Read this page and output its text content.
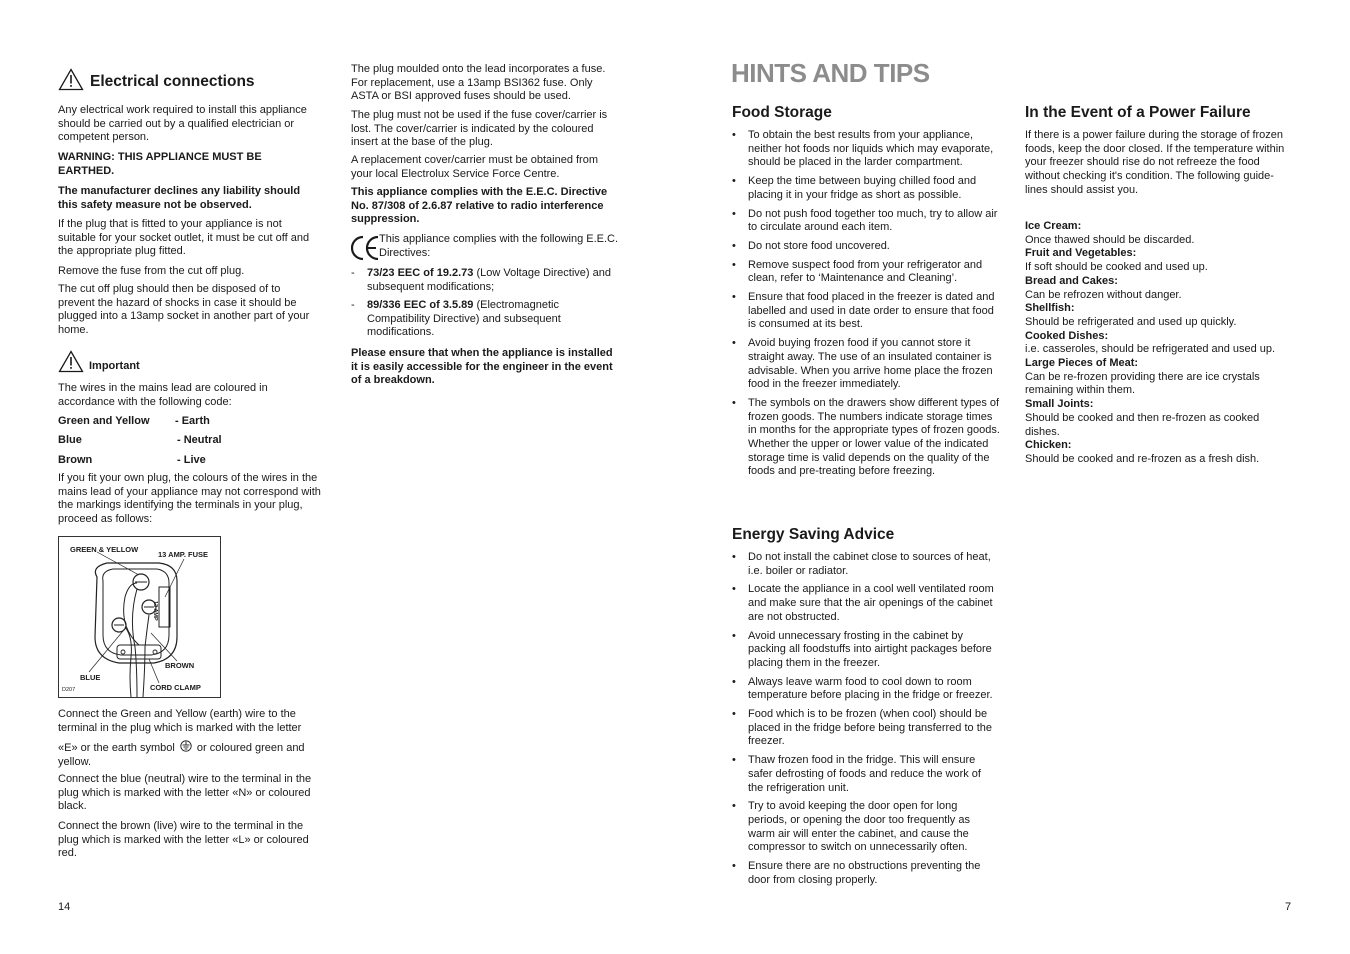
Electrical connections

Any electrical work required to install this appliance should be carried out by a qualified electrician or competent person.

WARNING: THIS APPLIANCE MUST BE EARTHED.

The manufacturer declines any liability should this safety measure not be observed.

If the plug that is fitted to your appliance is not suitable for your socket outlet, it must be cut off and the appropriate plug fitted.

Remove the fuse from the cut off plug.

The cut off plug should then be disposed of to prevent the hazard of shocks in case it should be plugged into a 13amp socket in another part of your home.

Important

The wires in the mains lead are coloured in accordance with the following code:

Green and Yellow	- Earth
Blue	- Neutral
Brown	- Live

If you fit your own plug, the colours of the wires in the mains lead of your appliance may not correspond with the markings identifying the terminals in your plug, proceed as follows:

GREEN & YELLOW
13 AMP. FUSE
13 AMP
BROWN
BLUE
CORD CLAMP
D207

Connect the Green and Yellow (earth) wire to the terminal in the plug which is marked with the letter

«E» or the earth symbol or coloured green and yellow.

Connect the blue (neutral) wire to the terminal in the plug which is marked with the letter «N» or coloured black.

Connect the brown (live) wire to the terminal in the plug which is marked with the letter «L» or coloured red.

14

The plug moulded onto the lead incorporates a fuse. For replacement, use a 13amp BSI362 fuse. Only ASTA or BSI approved fuses should be used.

The plug must not be used if the fuse cover/carrier is lost. The cover/carrier is indicated by the coloured insert at the base of the plug.

A replacement cover/carrier must be obtained from your local Electrolux Service Force Centre.

This appliance complies with the E.E.C. Directive No. 87/308 of 2.6.87 relative to radio interference suppression.

This appliance complies with the following E.E.C. Directives:

- 73/23 EEC of 19.2.73 (Low Voltage Directive) and subsequent modifications;
- 89/336 EEC of 3.5.89 (Electromagnetic Compatibility Directive) and subsequent modifications.

Please ensure that when the appliance is installed it is easily accessible for the engineer in the event of a breakdown.

HINTS AND TIPS
Food Storage
• To obtain the best results from your appliance, neither hot foods nor liquids which may evaporate, should be placed in the larder compartment.
• Keep the time between buying chilled food and placing it in your fridge as short as possible.
• Do not push food together too much, try to allow air to circulate around each item.
• Do not store food uncovered.
• Remove suspect food from your refrigerator and clean, refer to ‘Maintenance and Cleaning’.
• Ensure that food placed in the freezer is dated and labelled and used in date order to ensure that food is consumed at its best.
• Avoid buying frozen food if you cannot store it straight away. The use of an insulated container is advisable. When you arrive home place the frozen food in the freezer immediately.
• The symbols on the drawers show different types of frozen goods. The numbers indicate storage times in months for the appropriate types of frozen goods. Whether the upper or lower value of the indicated storage time is valid depends on the quality of the foods and pre-treating before freezing.
Energy Saving Advice
• Do not install the cabinet close to sources of heat, i.e. boiler or radiator.
• Locate the appliance in a cool well ventilated room and make sure that the air openings of the cabinet are not obstructed.
• Avoid unnecessary frosting in the cabinet by packing all foodstuffs into airtight packages before placing them in the freezer.
• Always leave warm food to cool down to room temperature before placing in the fridge or freezer.
• Food which is to be frozen (when cool) should be placed in the fridge before being transferred to the freezer.
• Thaw frozen food in the fridge. This will ensure safer defrosting of foods and reduce the work of the refrigeration unit.
• Try to avoid keeping the door open for long periods, or opening the door too frequently as warm air will enter the cabinet, and cause the compressor to switch on unnecessarily often.
• Ensure there are no obstructions preventing the door from closing properly.
In the Event of a Power Failure

If there is a power failure during the storage of frozen foods, keep the door closed. If the temperature within your freezer should rise do not refreeze the food without checking it's condition. The following guide-lines should assist you.

Ice Cream:

Once thawed should be discarded.

Fruit and Vegetables:

If soft should be cooked and used up.

Bread and Cakes:

Can be refrozen without danger.

Shellfish:

Should be refrigerated and used up quickly.

Cooked Dishes:

i.e. casseroles, should be refrigerated and used up.

Large Pieces of Meat:

Can be re-frozen providing there are ice crystals remaining within them.

Small Joints:

Should be cooked and then re-frozen as cooked dishes.

Chicken:

Should be cooked and re-frozen as a fresh dish.

7
